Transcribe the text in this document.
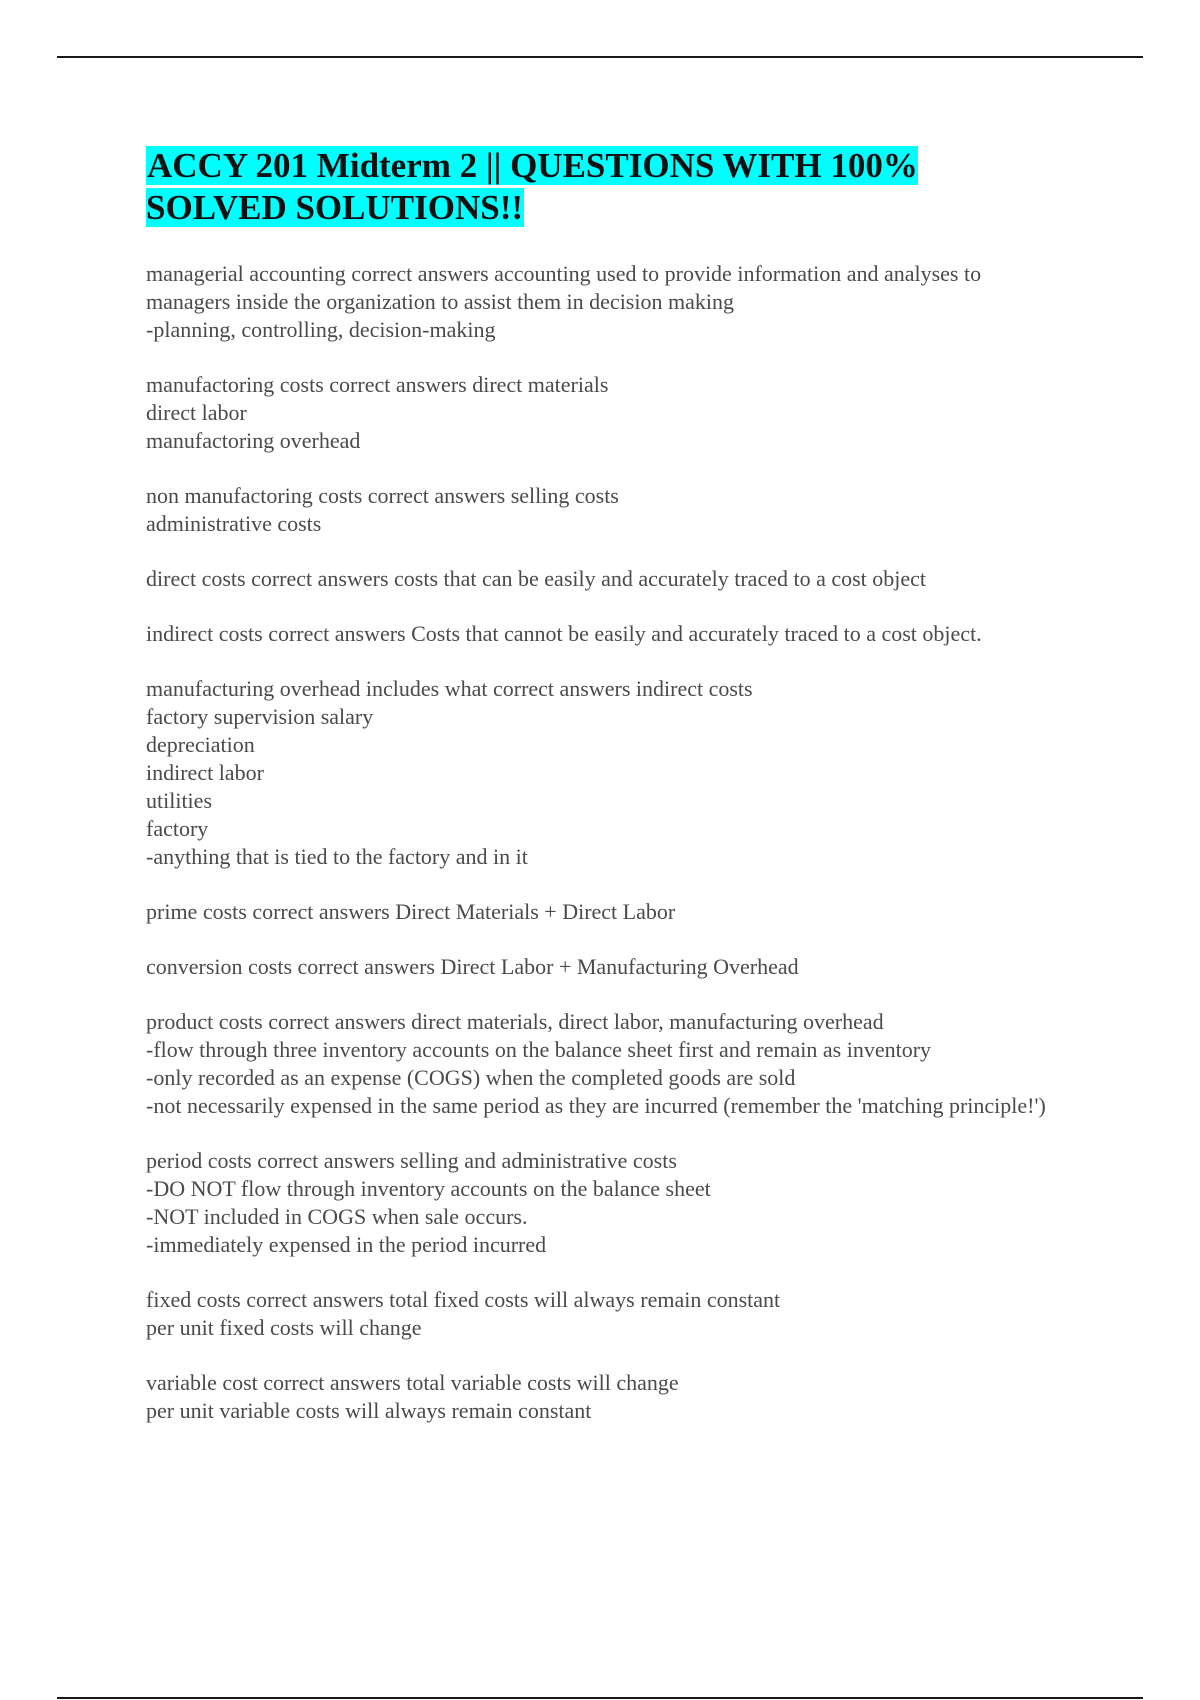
ACCY 201 Midterm 2 || QUESTIONS WITH 100% SOLVED SOLUTIONS!!

managerial accounting correct answers accounting used to provide information and analyses to managers inside the organization to assist them in decision making
-planning, controlling, decision-making

manufactoring costs correct answers direct materials
direct labor
manufactoring overhead

non manufactoring costs correct answers selling costs
administrative costs

direct costs correct answers costs that can be easily and accurately traced to a cost object

indirect costs correct answers Costs that cannot be easily and accurately traced to a cost object.

manufacturing overhead includes what correct answers indirect costs
factory supervision salary
depreciation
indirect labor
utilities
factory
-anything that is tied to the factory and in it

prime costs correct answers Direct Materials + Direct Labor

conversion costs correct answers Direct Labor + Manufacturing Overhead

product costs correct answers direct materials, direct labor, manufacturing overhead
-flow through three inventory accounts on the balance sheet first and remain as inventory
-only recorded as an expense (COGS) when the completed goods are sold
-not necessarily expensed in the same period as they are incurred (remember the 'matching principle!')

period costs correct answers selling and administrative costs
-DO NOT flow through inventory accounts on the balance sheet
-NOT included in COGS when sale occurs.
-immediately expensed in the period incurred

fixed costs correct answers total fixed costs will always remain constant
per unit fixed costs will change

variable cost correct answers total variable costs will change
per unit variable costs will always remain constant
